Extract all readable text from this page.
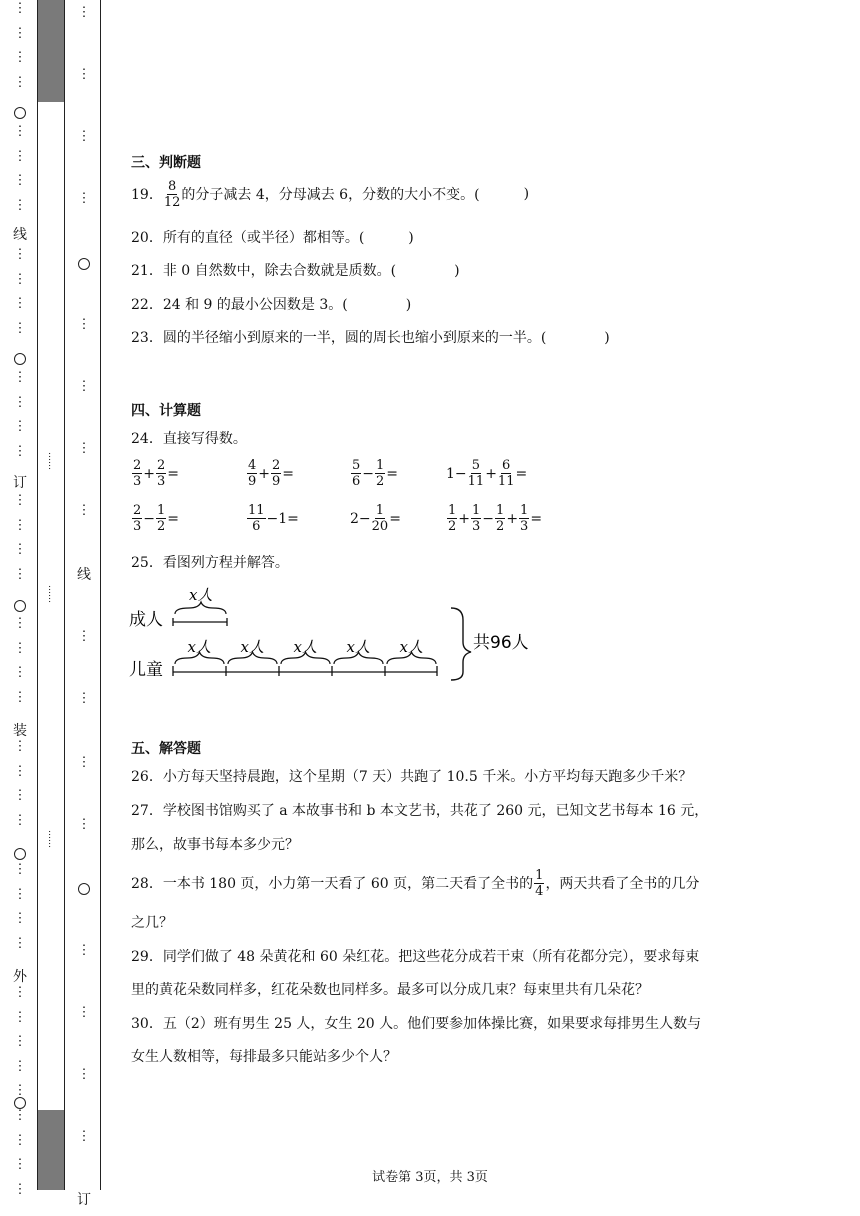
⋮
⋮
⋮
⋮
⋮
⋮
⋮
⋮
⋮
⋮
⋮
⋮
⋮
⋮
⋮
⋮
⋮
⋮
⋮
⋮
⋮
⋮
⋮
⋮
⋮
⋮
⋮
⋮
⋮
⋮
⋮
⋮
⋮
⋮
⋮
⋮
⋮
⋮
⋮
⋮
⋮
线
订
装
外
……
……
……
⋮
⋮
⋮
⋮
⋮
⋮
⋮
⋮
⋮
⋮
⋮
⋮
⋮
⋮
⋮
⋮
线
订
三、判断题
19． $\frac{8}{12}$ 的分子减去 4，分母减去 6，分数的大小不变。(	)
20．所有的直径（或半径）都相等。(	)
21．非 0 自然数中，除去合数就是质数。(	)
22．24 和 9 的最小公因数是 3。(	)
23．圆的半径缩小到原来的一半，圆的周长也缩小到原来的一半。(	)
四、计算题
24．直接写得数。
$\frac{2}{3} + \frac{2}{3}$ =	$\frac{4}{9} + \frac{2}{9}$ =	$\frac{5}{6} - \frac{1}{2}$ =	$1- \frac{5}{11} + \frac{6}{11}$ =
$\frac{2}{3} - \frac{1}{2}$ =	$\frac{11}{6} -1=$	$2- \frac{1}{20}$ =	$\frac{1}{2} + \frac{1}{3} - \frac{1}{2} + \frac{1}{3}$ =
25．看图列方程并解答。
成人
儿童
x人
x人 x人 x人 x人 x人	共96人
五、解答题
26．小方每天坚持晨跑，这个星期（7 天）共跑了 10.5 千米。小方平均每天跑多少千米？
27．学校图书馆购买了 a 本故事书和 b 本文艺书，共花了 260 元，已知文艺书每本 16 元，
那么，故事书每本多少元？
28．一本书 180 页，小力第一天看了 60 页，第二天看了全书的 $\frac{1}{4}$ ，两天共看了全书的几分
之几？
29．同学们做了 48 朵黄花和 60 朵红花。把这些花分成若干束（所有花都分完），要求每束
里的黄花朵数同样多，红花朵数也同样多。最多可以分成几束？每束里共有几朵花？
30．五（2）班有男生 25 人，女生 20 人。他们要参加体操比赛，如果要求每排男生人数与
女生人数相等，每排最多只能站多少个人？
试卷第 3页，共 3页
